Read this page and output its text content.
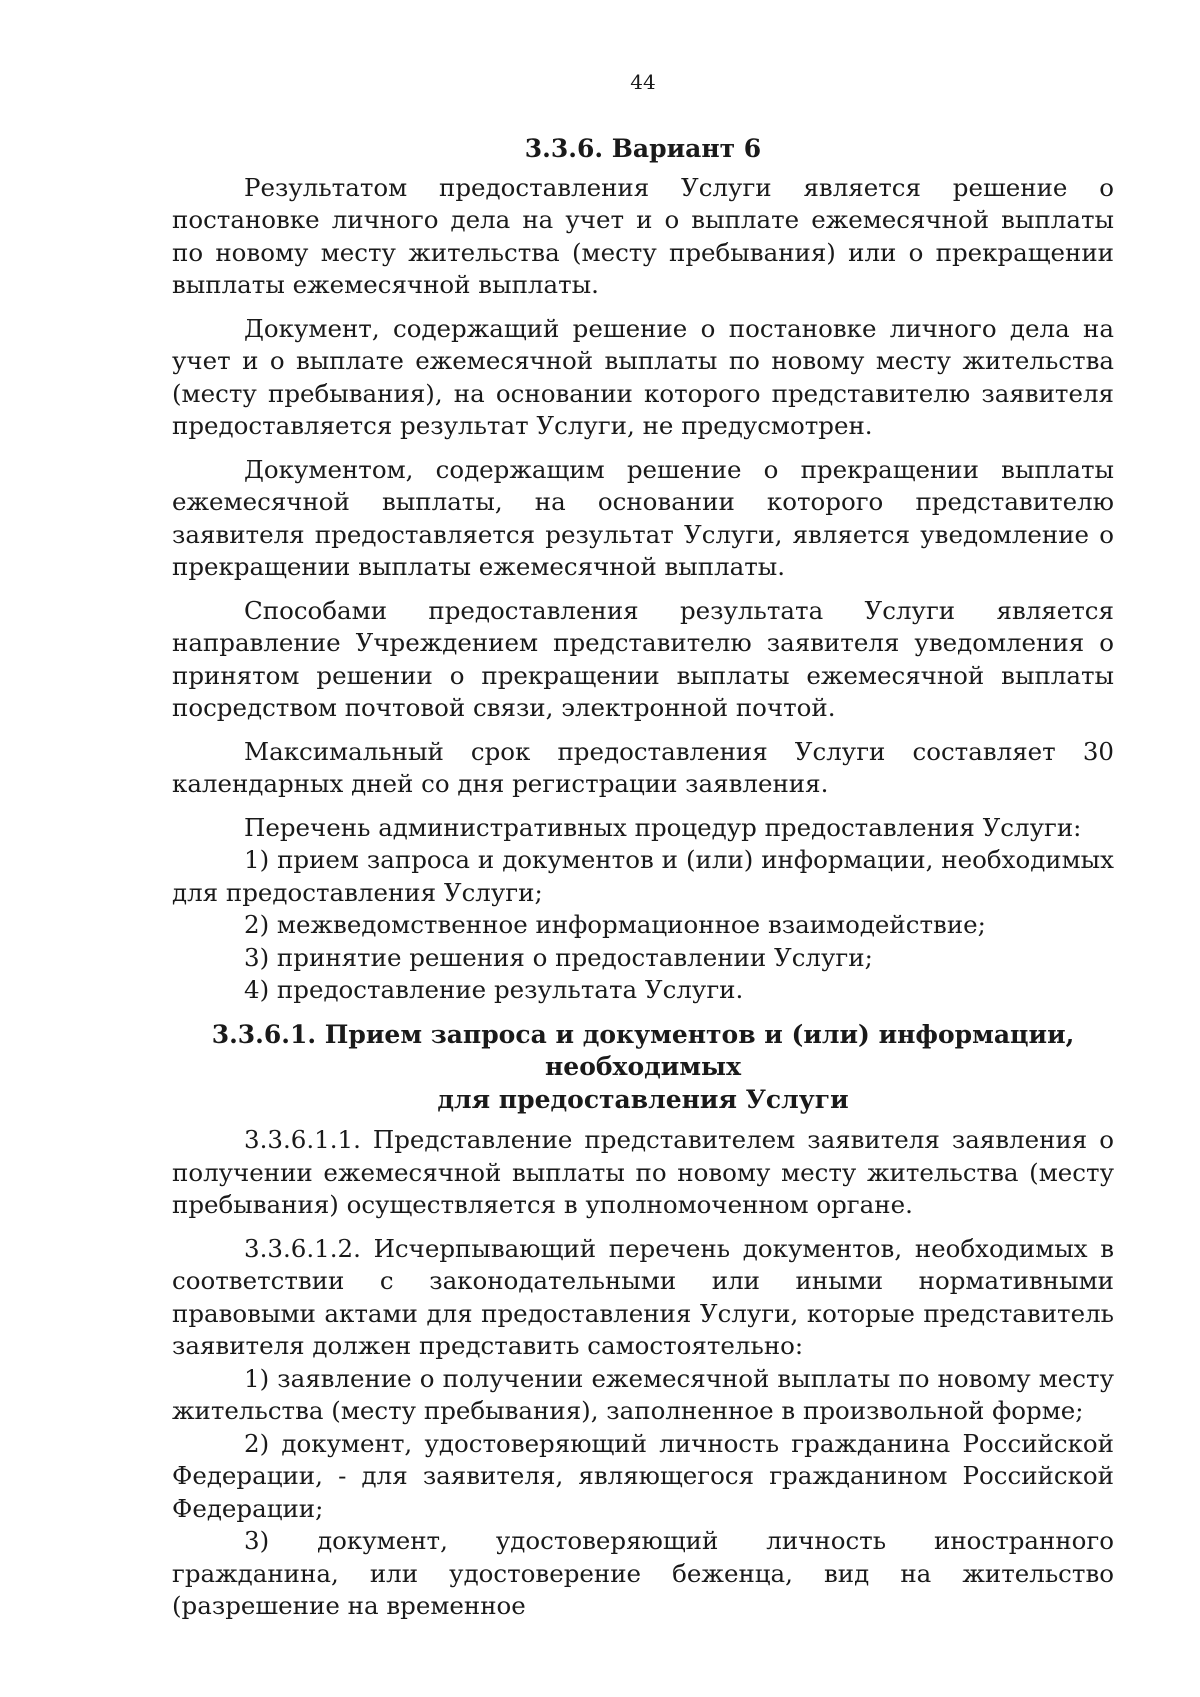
44
3.3.6. Вариант 6

Результатом предоставления Услуги является решение о постановке личного дела на учет и о выплате ежемесячной выплаты по новому месту жительства (месту пребывания) или о прекращении выплаты ежемесячной выплаты.

Документ, содержащий решение о постановке личного дела на учет и о выплате ежемесячной выплаты по новому месту жительства (месту пребывания), на основании которого представителю заявителя предоставляется результат Услуги, не предусмотрен.

Документом, содержащим решение о прекращении выплаты ежемесячной выплаты, на основании которого представителю заявителя предоставляется результат Услуги, является уведомление о прекращении выплаты ежемесячной выплаты.

Способами предоставления результата Услуги является направление Учреждением представителю заявителя уведомления о принятом решении о прекращении выплаты ежемесячной выплаты посредством почтовой связи, электронной почтой.

Максимальный срок предоставления Услуги составляет 30 календарных дней со дня регистрации заявления.

Перечень административных процедур предоставления Услуги:

1) прием запроса и документов и (или) информации, необходимых для предоставления Услуги;

2) межведомственное информационное взаимодействие;

3) принятие решения о предоставлении Услуги;

4) предоставление результата Услуги.

3.3.6.1. Прием запроса и документов и (или) информации, необходимых
для предоставления Услуги

3.3.6.1.1. Представление представителем заявителя заявления о получении ежемесячной выплаты по новому месту жительства (месту пребывания) осуществляется в уполномоченном органе.

3.3.6.1.2. Исчерпывающий перечень документов, необходимых в соответствии с законодательными или иными нормативными правовыми актами для предоставления Услуги, которые представитель заявителя должен представить самостоятельно:

1) заявление о получении ежемесячной выплаты по новому месту жительства (месту пребывания), заполненное в произвольной форме;

2) документ, удостоверяющий личность гражданина Российской Федерации, - для заявителя, являющегося гражданином Российской Федерации;

3) документ, удостоверяющий личность иностранного гражданина, или удостоверение беженца, вид на жительство (разрешение на временное
